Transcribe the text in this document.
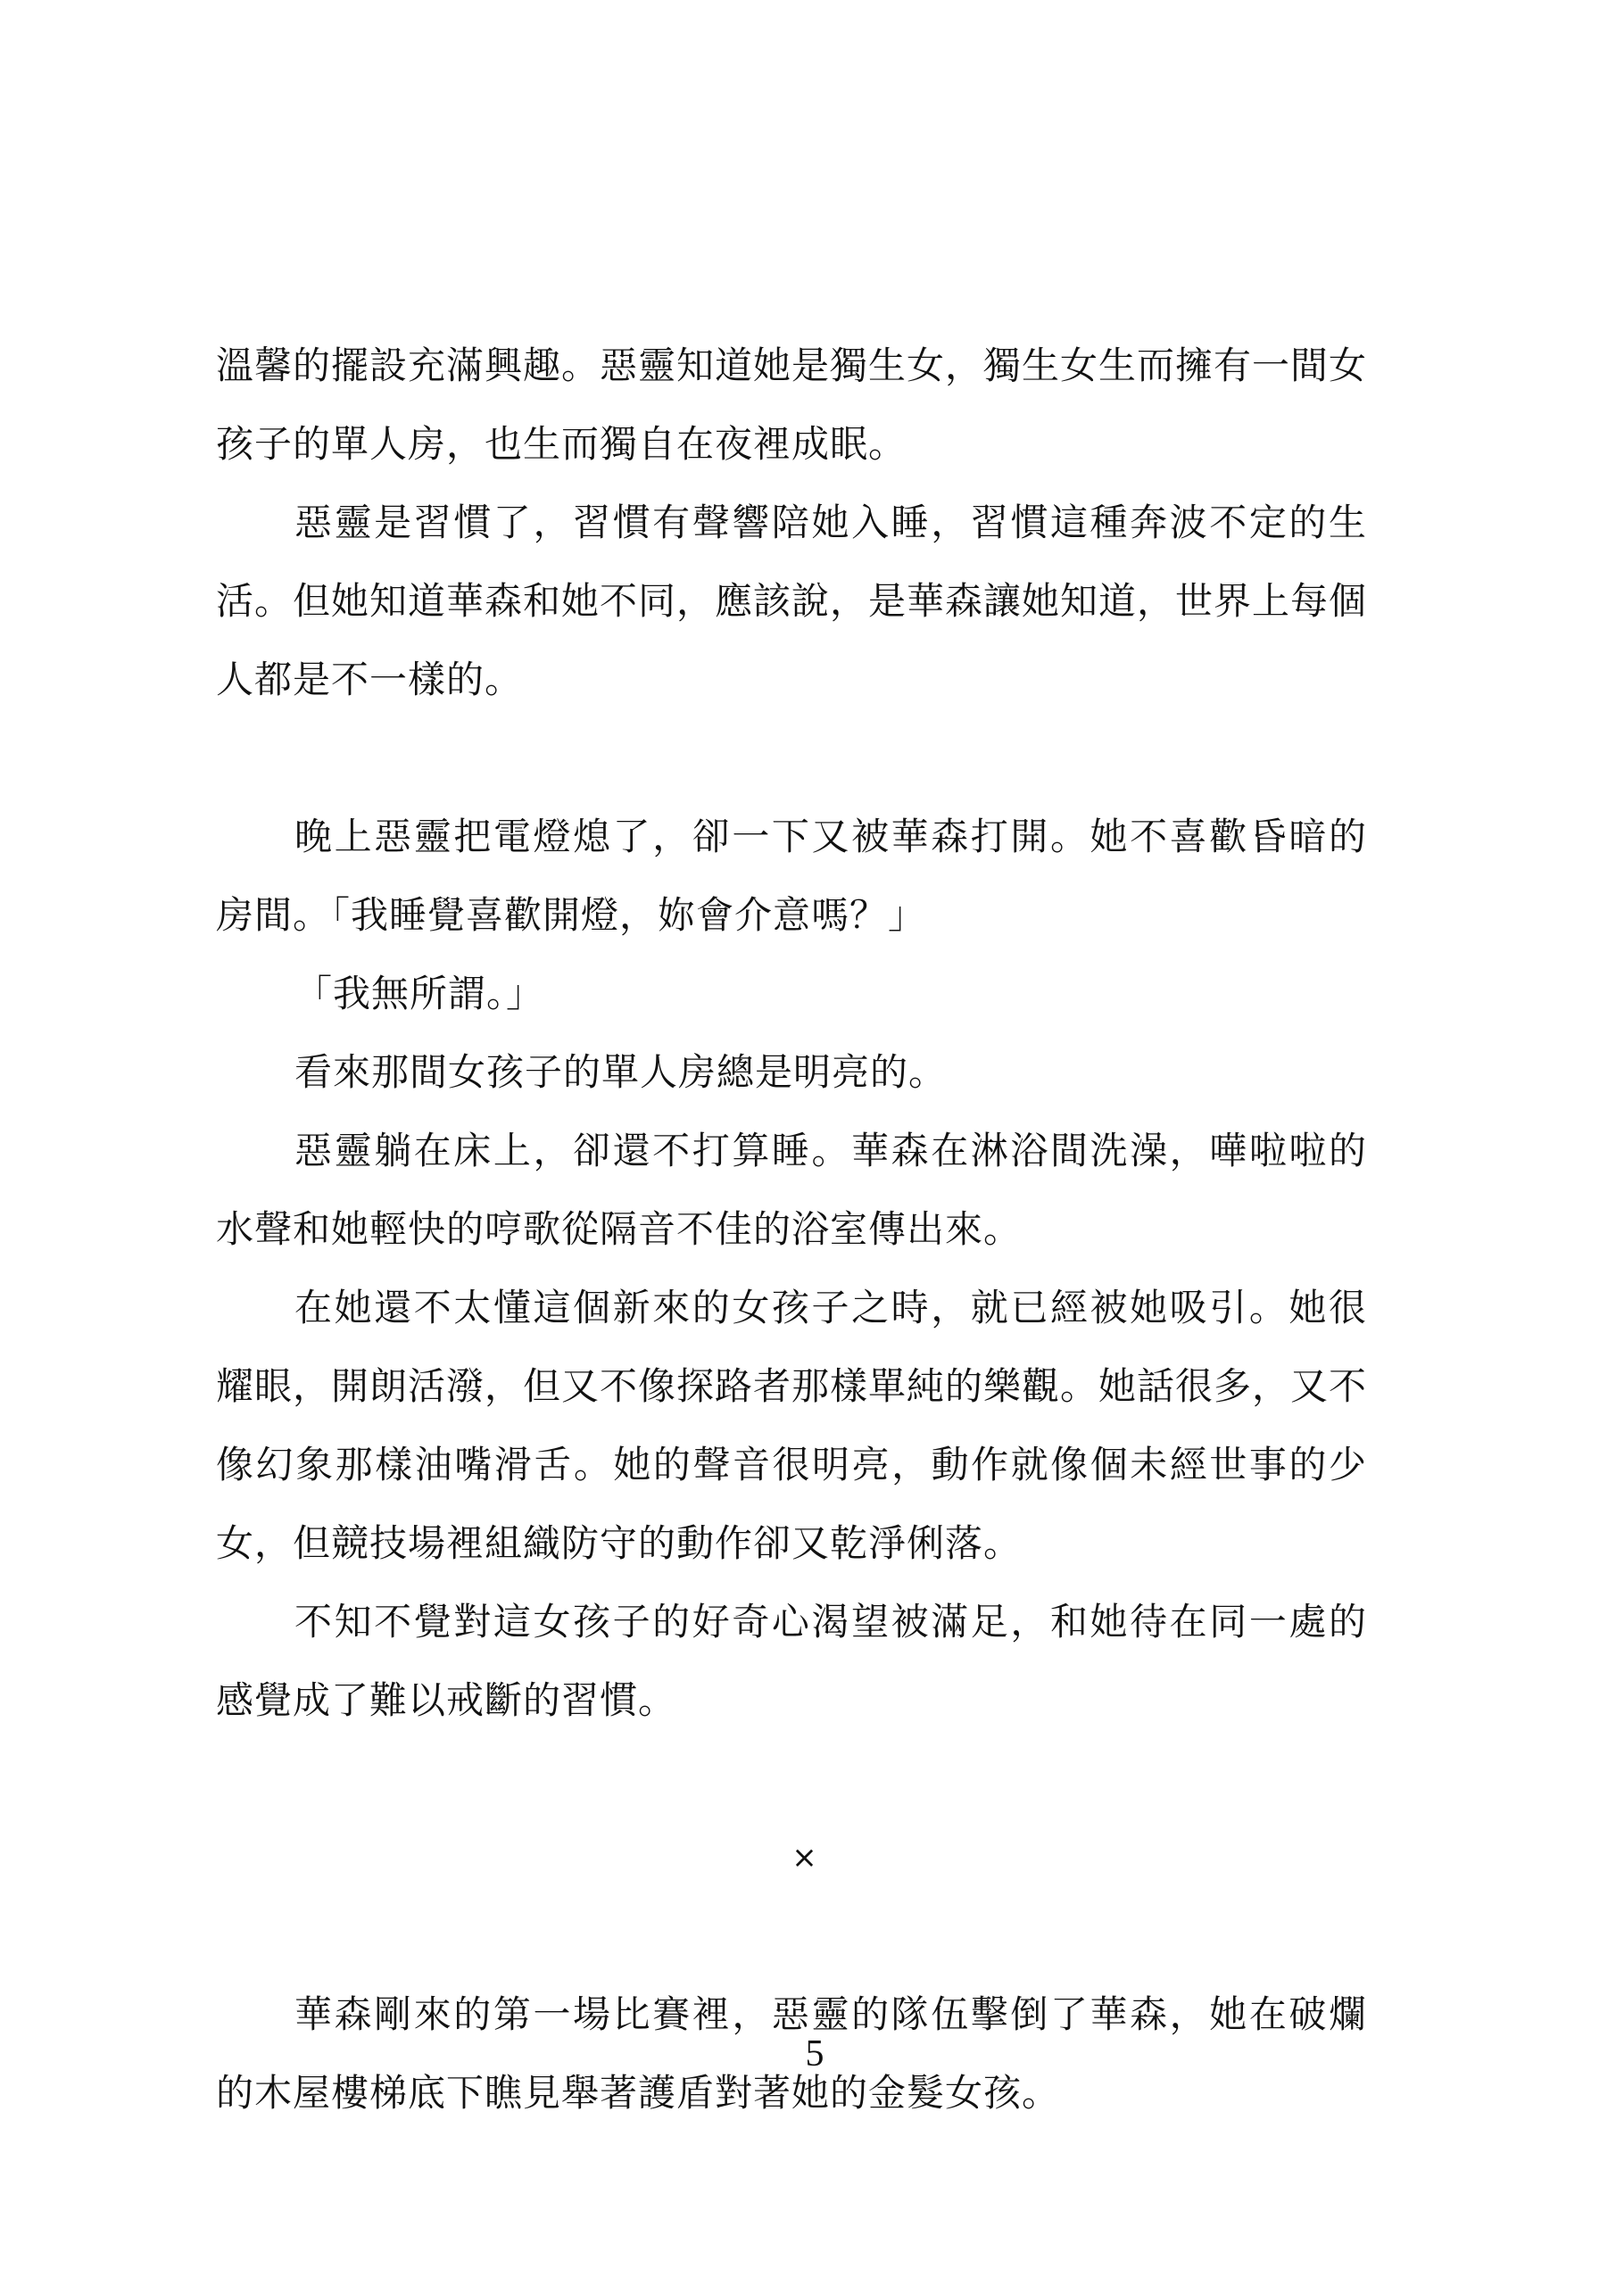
溫馨的擺設充滿興趣。惡靈知道她是獨生女，獨生女生而擁有一間女孩子的單人房，也生而獨自在夜裡成眠。

惡靈是習慣了，習慣有聲響陪她入睡，習慣這種奔波不定的生活。但她知道華森和她不同，應該說，是華森讓她知道，世界上每個人都是不一樣的。

晚上惡靈把電燈熄了，卻一下又被華森打開。她不喜歡昏暗的房間。「我睡覺喜歡開燈，妳會介意嗎？」

「我無所謂。」

看來那間女孩子的單人房總是明亮的。

惡靈躺在床上，卻還不打算睡。華森在淋浴間洗澡，嘩啦啦的水聲和她輕快的哼歌從隔音不佳的浴室傳出來。

在她還不太懂這個新來的女孩子之時，就已經被她吸引。她很耀眼，開朗活潑，但又不像探路者那樣單純的樂觀。她話很多，又不像幻象那樣油嘴滑舌。她的聲音很明亮，動作就像個未經世事的少女，但競技場裡組織防守的動作卻又乾淨俐落。

不知不覺對這女孩子的好奇心渴望被滿足，和她待在同一處的感覺成了難以戒斷的習慣。

×

華森剛來的第一場比賽裡，惡靈的隊伍擊倒了華森，她在破爛的木屋樓梯底下瞧見舉著護盾對著她的金髮女孩。

5
